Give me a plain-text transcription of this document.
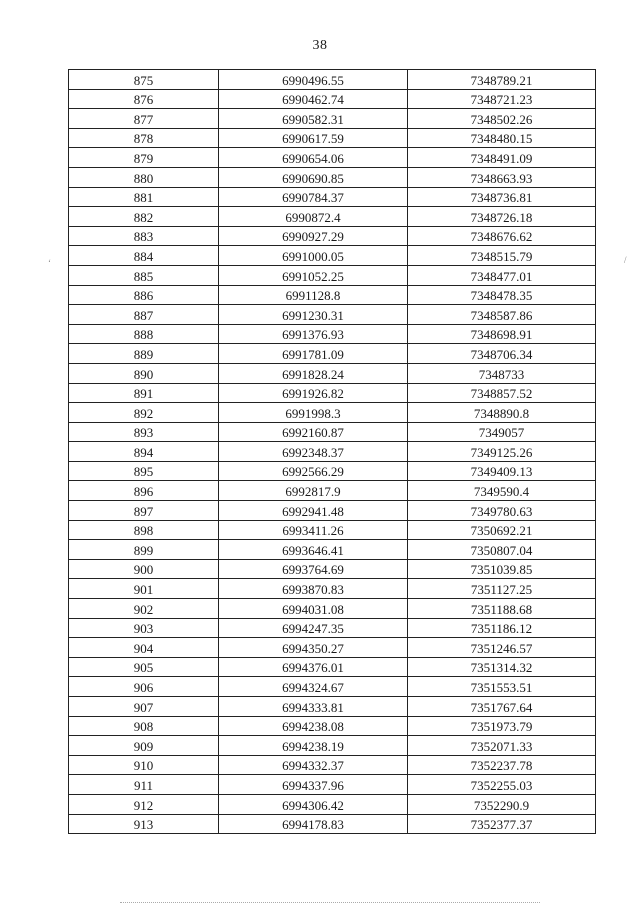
38
875	6990496.55	7348789.21
876	6990462.74	7348721.23
877	6990582.31	7348502.26
878	6990617.59	7348480.15
879	6990654.06	7348491.09
880	6990690.85	7348663.93
881	6990784.37	7348736.81
882	6990872.4	7348726.18
883	6990927.29	7348676.62
884	6991000.05	7348515.79
885	6991052.25	7348477.01
886	6991128.8	7348478.35
887	6991230.31	7348587.86
888	6991376.93	7348698.91
889	6991781.09	7348706.34
890	6991828.24	7348733
891	6991926.82	7348857.52
892	6991998.3	7348890.8
893	6992160.87	7349057
894	6992348.37	7349125.26
895	6992566.29	7349409.13
896	6992817.9	7349590.4
897	6992941.48	7349780.63
898	6993411.26	7350692.21
899	6993646.41	7350807.04
900	6993764.69	7351039.85
901	6993870.83	7351127.25
902	6994031.08	7351188.68
903	6994247.35	7351186.12
904	6994350.27	7351246.57
905	6994376.01	7351314.32
906	6994324.67	7351553.51
907	6994333.81	7351767.64
908	6994238.08	7351973.79
909	6994238.19	7352071.33
910	6994332.37	7352237.78
911	6994337.96	7352255.03
912	6994306.42	7352290.9
913	6994178.83	7352377.37
‘	/
